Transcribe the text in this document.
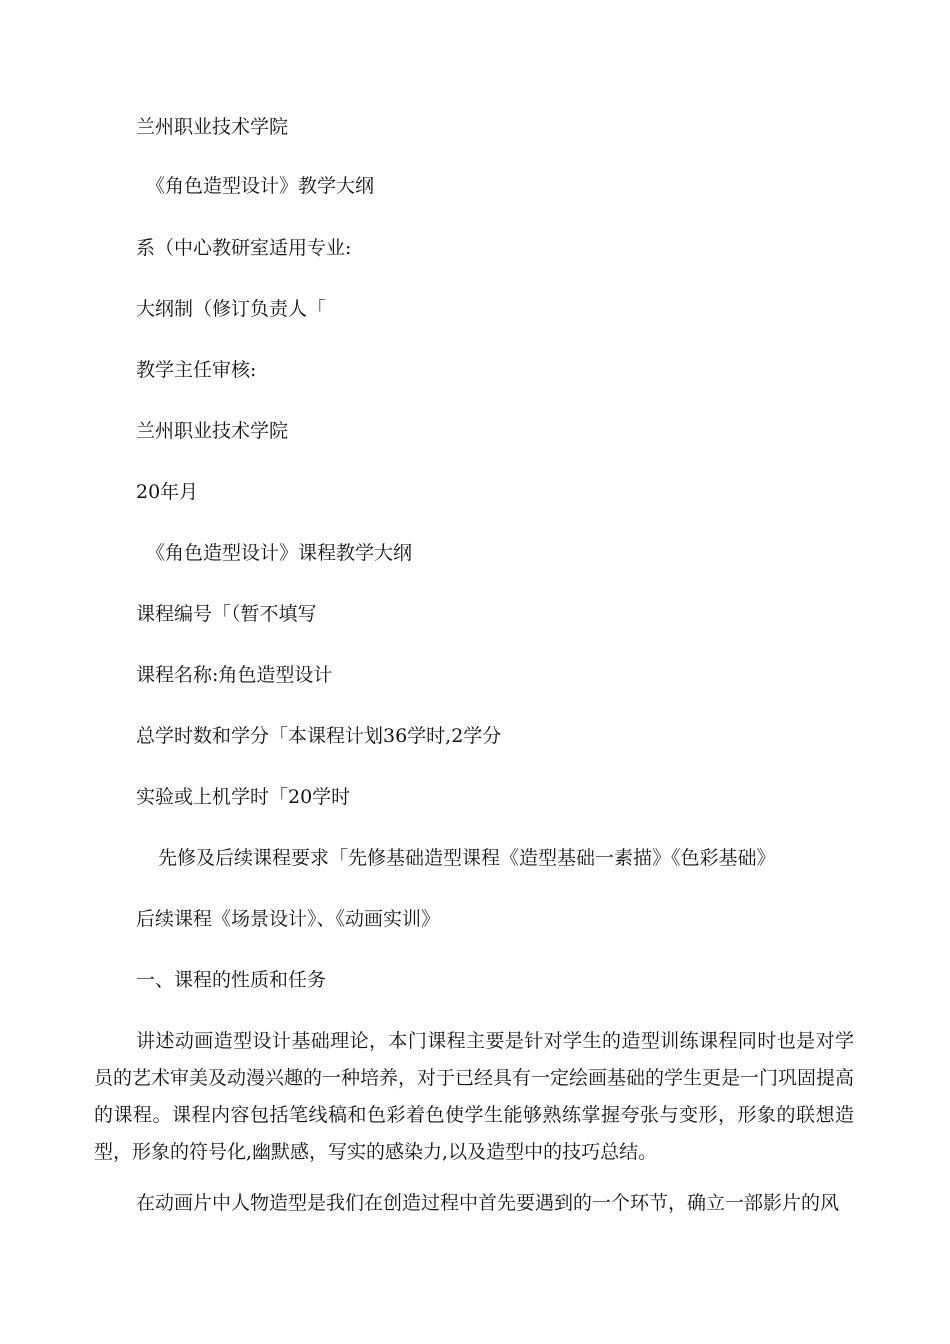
兰州职业技术学院
《角色造型设计》教学大纲
系（中心教研室适用专业:
大纲制（修订负责人「
教学主任审核:
兰州职业技术学院
20年月
《角色造型设计》课程教学大纲
课程编号「（暂不填写
课程名称:角色造型设计
总学时数和学分「本课程计划36学时,2学分
实验或上机学时「20学时
先修及后续课程要求「先修基础造型课程《造型基础一素描》《色彩基础》
后续课程《场景设计》、《动画实训》
一、课程的性质和任务
讲述动画造型设计基础理论，本门课程主要是针对学生的造型训练课程同时也是对学员的艺术审美及动漫兴趣的一种培养，对于已经具有一定绘画基础的学生更是一门巩固提高的课程。课程内容包括笔线稿和色彩着色使学生能够熟练掌握夸张与变形，形象的联想造型，形象的符号化,幽默感，写实的感染力,以及造型中的技巧总结。
在动画片中人物造型是我们在创造过程中首先要遇到的一个环节，确立一部影片的风
